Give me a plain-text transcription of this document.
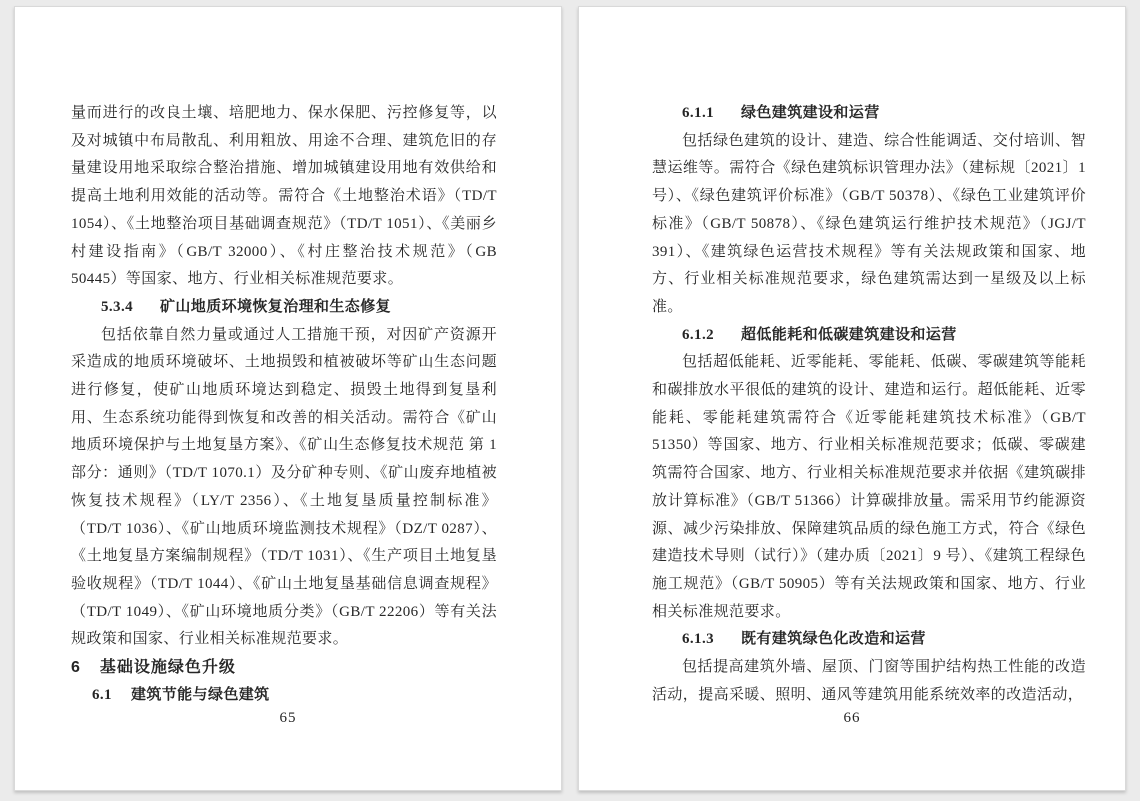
量而进行的改良土壤、培肥地力、保水保肥、污控修复等，以及对城镇中布局散乱、利用粗放、用途不合理、建筑危旧的存量建设用地采取综合整治措施、增加城镇建设用地有效供给和提高土地利用效能的活动等。需符合《土地整治术语》（TD/T 1054）、《土地整治项目基础调查规范》（TD/T 1051）、《美丽乡村建设指南》（GB/T 32000）、《村庄整治技术规范》（GB 50445）等国家、地方、行业相关标准规范要求。

5.3.4 矿山地质环境恢复治理和生态修复

包括依靠自然力量或通过人工措施干预，对因矿产资源开采造成的地质环境破坏、土地损毁和植被破坏等矿山生态问题进行修复，使矿山地质环境达到稳定、损毁土地得到复垦利用、生态系统功能得到恢复和改善的相关活动。需符合《矿山地质环境保护与土地复垦方案》、《矿山生态修复技术规范 第 1 部分：通则》（TD/T 1070.1）及分矿种专则、《矿山废弃地植被恢复技术规程》（LY/T 2356）、《土地复垦质量控制标准》（TD/T 1036）、《矿山地质环境监测技术规程》（DZ/T 0287）、《土地复垦方案编制规程》（TD/T 1031）、《生产项目土地复垦验收规程》（TD/T 1044）、《矿山土地复垦基础信息调查规程》（TD/T 1049）、《矿山环境地质分类》（GB/T 22206）等有关法规政策和国家、行业相关标准规范要求。

6 基础设施绿色升级
6.1 建筑节能与绿色建筑
65
6.1.1 绿色建筑建设和运营

包括绿色建筑的设计、建造、综合性能调适、交付培训、智慧运维等。需符合《绿色建筑标识管理办法》（建标规〔2021〕1 号）、《绿色建筑评价标准》（GB/T 50378）、《绿色工业建筑评价标准》（GB/T 50878）、《绿色建筑运行维护技术规范》（JGJ/T 391）、《建筑绿色运营技术规程》等有关法规政策和国家、地方、行业相关标准规范要求，绿色建筑需达到一星级及以上标准。

6.1.2 超低能耗和低碳建筑建设和运营

包括超低能耗、近零能耗、零能耗、低碳、零碳建筑等能耗和碳排放水平很低的建筑的设计、建造和运行。超低能耗、近零能耗、零能耗建筑需符合《近零能耗建筑技术标准》（GB/T 51350）等国家、地方、行业相关标准规范要求；低碳、零碳建筑需符合国家、地方、行业相关标准规范要求并依据《建筑碳排放计算标准》（GB/T 51366）计算碳排放量。需采用节约能源资源、减少污染排放、保障建筑品质的绿色施工方式，符合《绿色建造技术导则（试行）》（建办质〔2021〕9 号）、《建筑工程绿色施工规范》（GB/T 50905）等有关法规政策和国家、地方、行业相关标准规范要求。

6.1.3 既有建筑绿色化改造和运营

包括提高建筑外墙、屋顶、门窗等围护结构热工性能的改造活动，提高采暖、照明、通风等建筑用能系统效率的改造活动，

66
